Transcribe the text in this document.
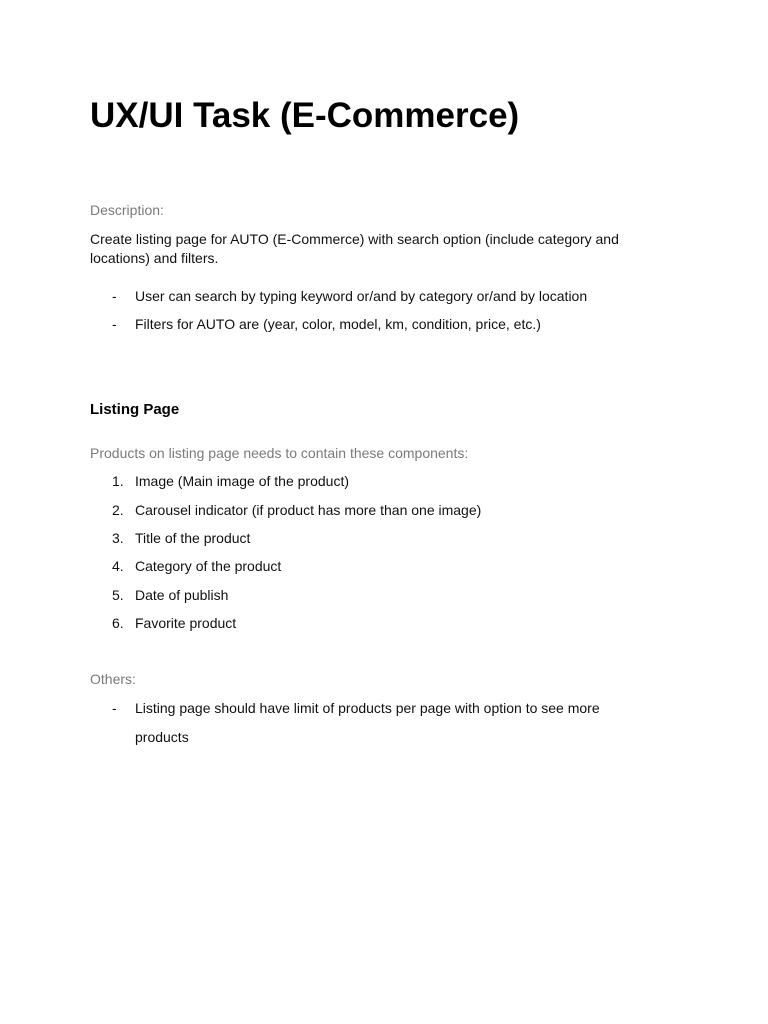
UX/UI Task (E-Commerce)
Description:
Create listing page for AUTO (E-Commerce) with search option (include category and locations) and filters.
-	User can search by typing keyword or/and by category or/and by location
-	Filters for AUTO are (year, color, model, km, condition, price, etc.)
Listing Page
Products on listing page needs to contain these components:
1. Image (Main image of the product)
2. Carousel indicator (if product has more than one image)
3. Title of the product
4. Category of the product
5. Date of publish
6. Favorite product
Others:
-	Listing page should have limit of products per page with option to see more products
